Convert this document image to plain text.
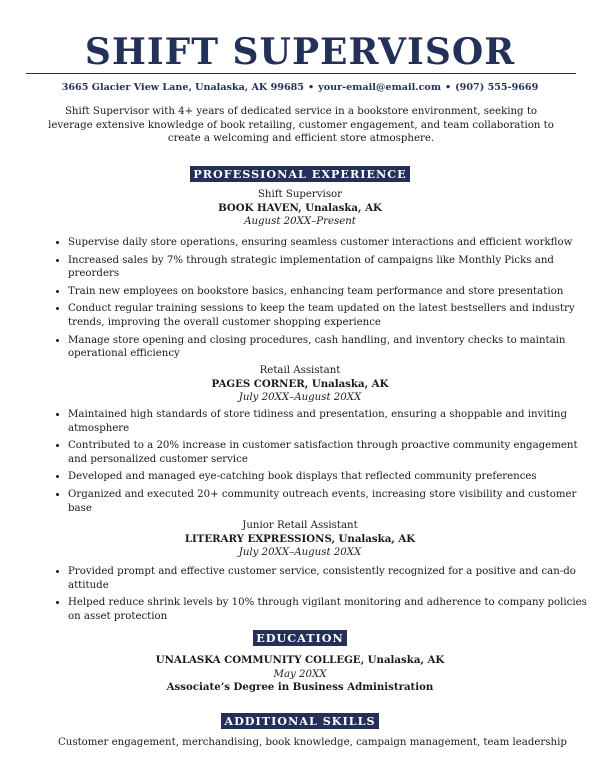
SHIFT SUPERVISOR
3665 Glacier View Lane, Unalaska, AK 99685 • your-email@email.com • (907) 555-9669
Shift Supervisor with 4+ years of dedicated service in a bookstore environment, seeking to leverage extensive knowledge of book retailing, customer engagement, and team collaboration to create a welcoming and efficient store atmosphere.
PROFESSIONAL EXPERIENCE
Shift Supervisor
BOOK HAVEN, Unalaska, AK
August 20XX–Present
• Supervise daily store operations, ensuring seamless customer interactions and efficient workflow
• Increased sales by 7% through strategic implementation of campaigns like Monthly Picks and preorders
• Train new employees on bookstore basics, enhancing team performance and store presentation
• Conduct regular training sessions to keep the team updated on the latest bestsellers and industry trends, improving the overall customer shopping experience
• Manage store opening and closing procedures, cash handling, and inventory checks to maintain operational efficiency
Retail Assistant
PAGES CORNER, Unalaska, AK
July 20XX–August 20XX
• Maintained high standards of store tidiness and presentation, ensuring a shoppable and inviting atmosphere
• Contributed to a 20% increase in customer satisfaction through proactive community engagement and personalized customer service
• Developed and managed eye-catching book displays that reflected community preferences
• Organized and executed 20+ community outreach events, increasing store visibility and customer base
Junior Retail Assistant
LITERARY EXPRESSIONS, Unalaska, AK
July 20XX–August 20XX
• Provided prompt and effective customer service, consistently recognized for a positive and can-do attitude
• Helped reduce shrink levels by 10% through vigilant monitoring and adherence to company policies on asset protection
EDUCATION
UNALASKA COMMUNITY COLLEGE, Unalaska, AK
May 20XX
Associate’s Degree in Business Administration
ADDITIONAL SKILLS
Customer engagement, merchandising, book knowledge, campaign management, team leadership
